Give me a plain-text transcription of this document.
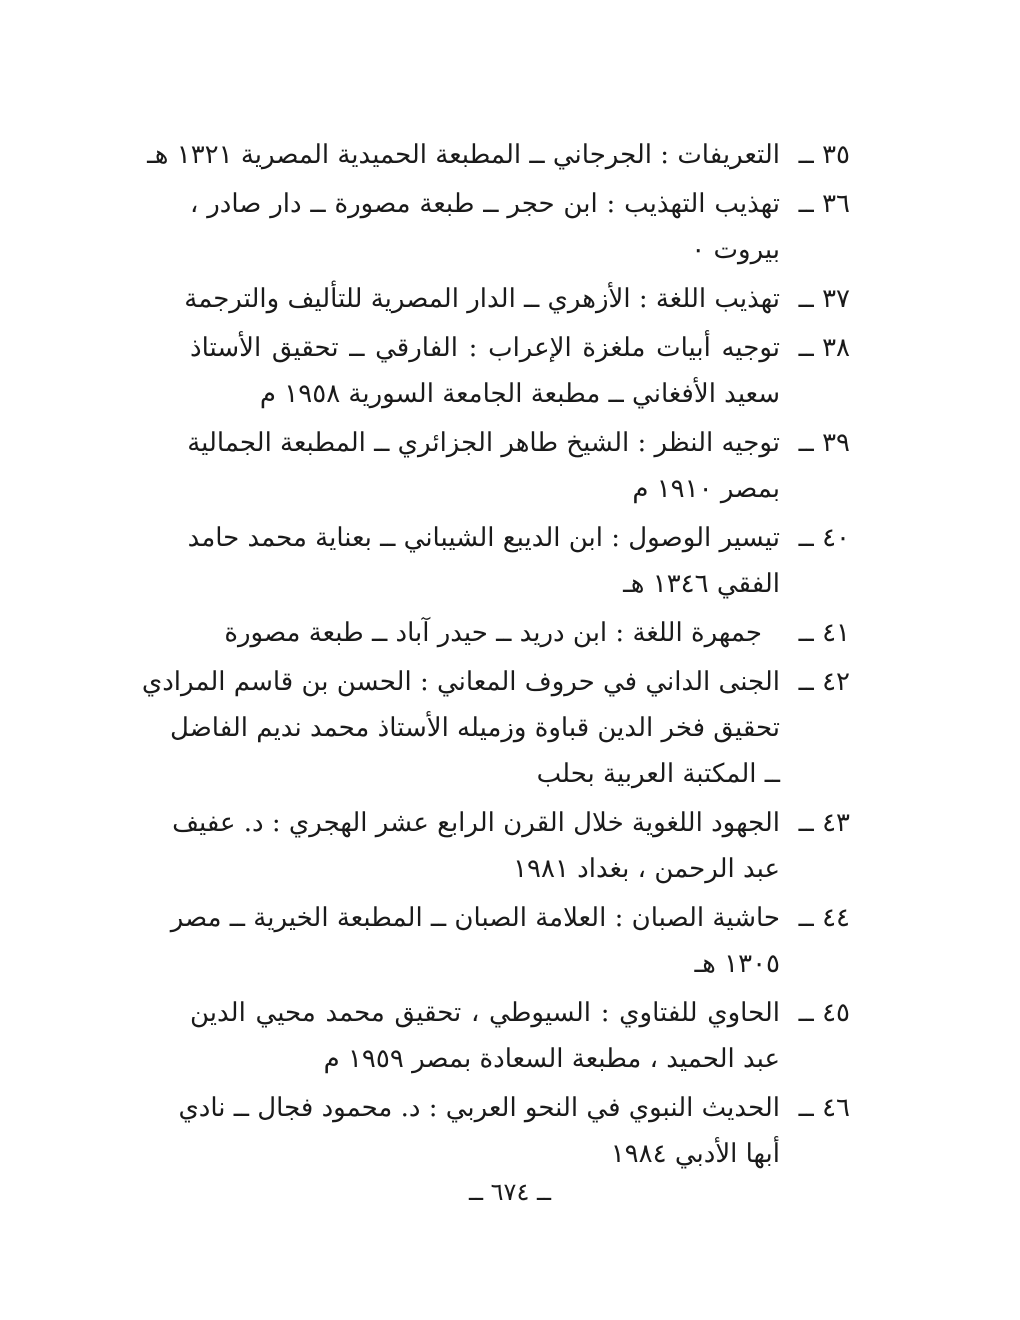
٣٥ ــ
التعريفات : الجرجاني ــ المطبعة الحميدية المصرية ١٣٢١ هـ
٣٦ ــ
تهذيب التهذيب : ابن حجر ــ طبعة مصورة ــ دار صادر ،
بيروت ٠
٣٧ ــ
تهذيب اللغة : الأزهري ــ الدار المصرية للتأليف والترجمة
٣٨ ــ
توجيه أبيات ملغزة الإعراب : الفارقي ــ تحقيق الأستاذ
سعيد الأفغاني ــ مطبعة الجامعة السورية ١٩٥٨ م
٣٩ ــ
توجيه النظر : الشيخ طاهر الجزائري ــ المطبعة الجمالية
بمصر ١٩١٠ م
٤٠ ــ
تيسير الوصول : ابن الديبع الشيباني ــ بعناية محمد حامد
الفقي ١٣٤٦ هـ
٤١ ــ
جمهرة اللغة : ابن دريد ــ حيدر آباد ــ طبعة مصورة
٤٢ ــ
الجنى الداني في حروف المعاني : الحسن بن قاسم المرادي
تحقيق فخر الدين قباوة وزميله الأستاذ محمد نديم الفاضل
ــ المكتبة العربية بحلب
٤٣ ــ
الجهود اللغوية خلال القرن الرابع عشر الهجري : د. عفيف
عبد الرحمن ، بغداد ١٩٨١
٤٤ ــ
حاشية الصبان : العلامة الصبان ــ المطبعة الخيرية ــ مصر
١٣٠٥ هـ
٤٥ ــ
الحاوي للفتاوي : السيوطي ، تحقيق محمد محيي الدين
عبد الحميد ، مطبعة السعادة بمصر ١٩٥٩ م
٤٦ ــ
الحديث النبوي في النحو العربي : د. محمود فجال ــ نادي
أبها الأدبي ١٩٨٤
ــ ٦٧٤ ــ
